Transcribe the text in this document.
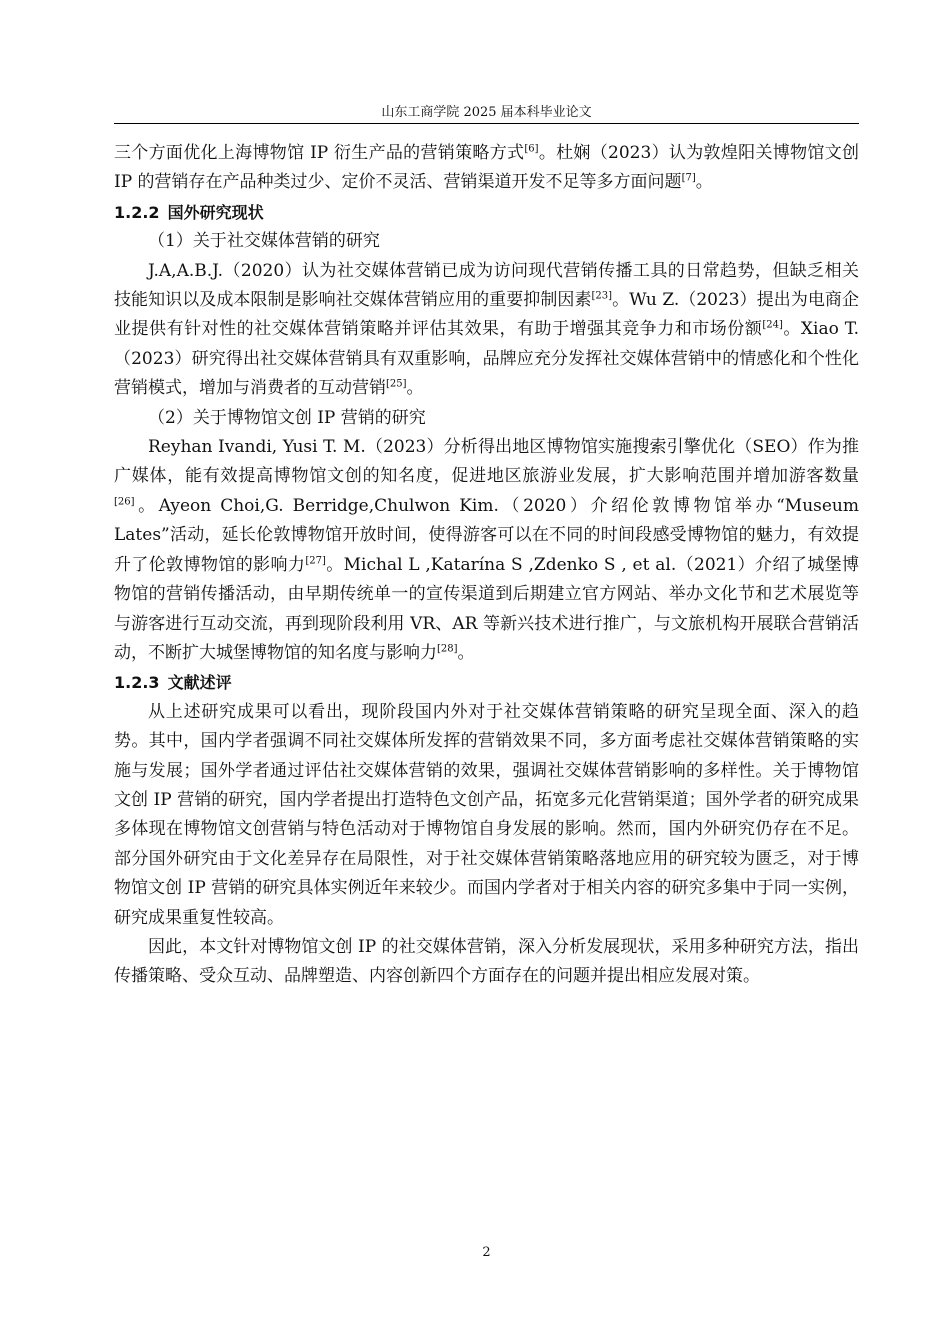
山东工商学院 2025 届本科毕业论文

三个方面优化上海博物馆 IP 衍生产品的营销策略方式[6]。杜娴（2023）认为敦煌阳关博物馆文创 IP 的营销存在产品种类过少、定价不灵活、营销渠道开发不足等多方面问题[7]。

1.2.2 国外研究现状

（1）关于社交媒体营销的研究

J.A,A.B.J.（2020）认为社交媒体营销已成为访问现代营销传播工具的日常趋势，但缺乏相关技能知识以及成本限制是影响社交媒体营销应用的重要抑制因素[23]。Wu Z.（2023）提出为电商企业提供有针对性的社交媒体营销策略并评估其效果，有助于增强其竞争力和市场份额[24]。Xiao T.（2023）研究得出社交媒体营销具有双重影响，品牌应充分发挥社交媒体营销中的情感化和个性化营销模式，增加与消费者的互动营销[25]。

（2）关于博物馆文创 IP 营销的研究

Reyhan Ivandi, Yusi T. M.（2023）分析得出地区博物馆实施搜索引擎优化（SEO）作为推广媒体，能有效提高博物馆文创的知名度，促进地区旅游业发展，扩大影响范围并增加游客数量[26]。Ayeon Choi,G. Berridge,Chulwon Kim.（2020）介绍伦敦博物馆举办“Museum Lates”活动，延长伦敦博物馆开放时间，使得游客可以在不同的时间段感受博物馆的魅力，有效提升了伦敦博物馆的影响力[27]。Michal L ,Katarína S ,Zdenko S , et al.（2021）介绍了城堡博物馆的营销传播活动，由早期传统单一的宣传渠道到后期建立官方网站、举办文化节和艺术展览等与游客进行互动交流，再到现阶段利用 VR、AR 等新兴技术进行推广，与文旅机构开展联合营销活动，不断扩大城堡博物馆的知名度与影响力[28]。

1.2.3 文献述评

从上述研究成果可以看出，现阶段国内外对于社交媒体营销策略的研究呈现全面、深入的趋势。其中，国内学者强调不同社交媒体所发挥的营销效果不同，多方面考虑社交媒体营销策略的实施与发展；国外学者通过评估社交媒体营销的效果，强调社交媒体营销影响的多样性。关于博物馆文创 IP 营销的研究，国内学者提出打造特色文创产品，拓宽多元化营销渠道；国外学者的研究成果多体现在博物馆文创营销与特色活动对于博物馆自身发展的影响。然而，国内外研究仍存在不足。部分国外研究由于文化差异存在局限性，对于社交媒体营销策略落地应用的研究较为匮乏，对于博物馆文创 IP 营销的研究具体实例近年来较少。而国内学者对于相关内容的研究多集中于同一实例，研究成果重复性较高。

因此，本文针对博物馆文创 IP 的社交媒体营销，深入分析发展现状，采用多种研究方法，指出传播策略、受众互动、品牌塑造、内容创新四个方面存在的问题并提出相应发展对策。

2
